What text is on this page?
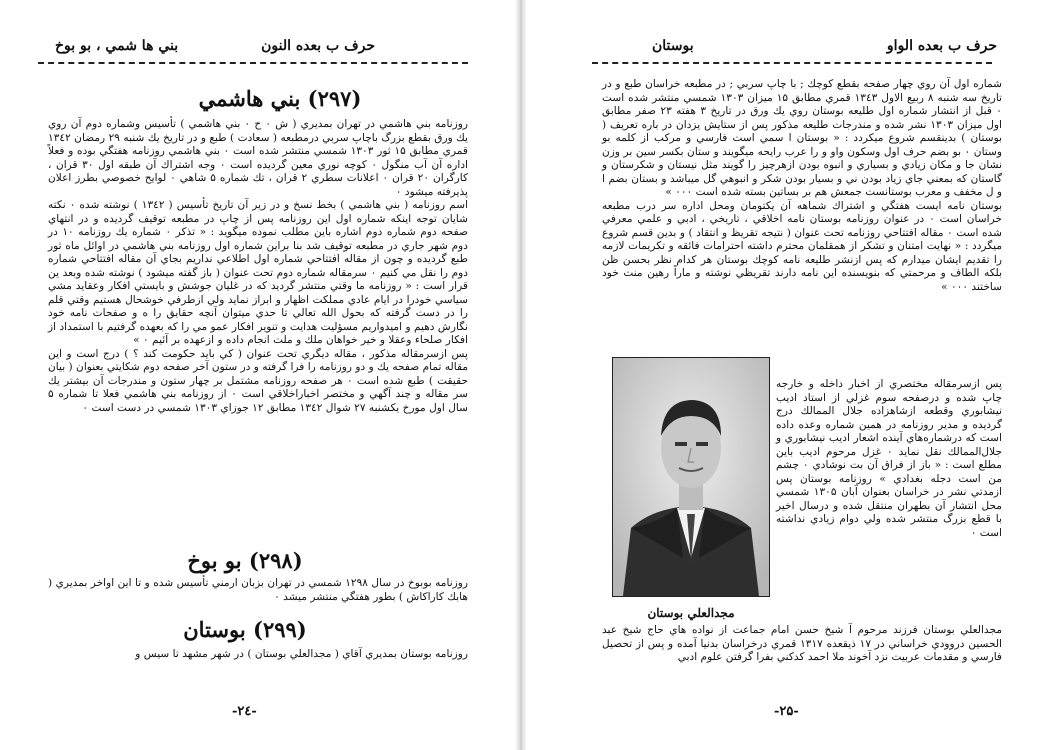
حرف ب بعده النون
بني ها شمي ، بو بوخ
(۲۹۷) بني هاشمي

روزنامه بني هاشمي در تهران بمديري ( ش ٠ ح ٠ بني هاشمي ) تأسيس وشماره دوم آن روي يك ورق بقطع بزرگ باچاپ سربي درمطبعه ( سعادت ) طبع و در تاريخ يك شنبه ۲۹ رمضان ۱۳٤۲ قمري مطابق ۱۵ ثور ۱۳۰۳ شمسي منتشر شده است ٠ بني هاشمي روزنامه هفتگي بوده و فعلاً اداره آن آب منگول ٠ كوچه نوري معين گرديده است ٠ وجه اشتراك آن طبقه اول ۳۰ قران ، كارگران ۲۰ قران ٠ اعلانات سطري ۲ قران ، تك شماره ۵ شاهي ٠ لوايح خصوصي بطرز اعلان پذيرفته ميشود ٠

اسم روزنامه ( بني هاشمي ) بخط نسخ و در زير آن تاريخ تأسيس ( ۱۳٤۲ ) نوشته شده ٠ نكته شايان توجه اينكه شماره اول اين روزنامه پس از چاپ در مطبعه توقيف گرديده و در انتهاي صفحه دوم شماره دوم اشاره باين مطلب نموده ميگويد : « تذكر ٠ شماره يك روزنامه ١٠ در دوم شهر جاري در مطبعه توقيف شد بنا براين شماره اول روزنامه بني هاشمي در اوائل ماه ثور طبع گرديده و چون از مقاله افتتاحي شماره اول اطلاعي نداريم بجاي آن مقاله افتتاحي شماره دوم را نقل مي كنيم ٠ سرمقاله شماره دوم تحت عنوان ( باز گفته ميشود ) نوشته شده وبعد ين قرار است : « روزنامه ما وقتي منتشر گرديد كه در غليان جوشش و بايستي افكار وعقايد مشي سياسي خودرا در ايام عادي مملكت اظهار و ابراز نمايد ولي ازطرفي خوشحال هستيم وقتي قلم را در دست گرفته كه بحول الله تعالي تا حدي ميتوان آنچه حقايق را ه و صفحات نامه خود نگارش دهيم و اميدواريم مسؤليت هدايت و تنوير افكار عمو مي را كه بعهده گرفتيم با استمداد از افكار صلحاء وعقلا و خير خواهان ملك و ملت انجام داده و ازعهده بر آئيم ٠ »

پس ازسرمقاله مذكور ، مقاله ديگري تحت عنوان ( كي بايد حكومت كند ؟ ) درج است و اين مقاله تمام صفحه يك و دو روزنامه را فرا گرفته و در ستون آخر صفحه دوم شكايتي بعنوان ( بيان حقيقت ) طبع شده است ٠ هر صفحه روزنامه مشتمل بر چهار ستون و مندرجات آن بيشتر يك سر مقاله و چند آگهي و مختصر اخباراخلاقي است ٠ از روزنامه بني هاشمي فعلا تا شماره ۵ سال اول مورخ يكشنبه ۲۷ شوال ۱۳٤۲ مطابق ۱۲ جوزاي ۱۳۰۳ شمسي در دست است ٠

(۲۹۸) بو بوخ

روزنامه بوبوخ در سال ۱۲۹۸ شمسي در تهران بزبان ارمني تأسيس شده و تا اين اواخر بمديري ( هابك كاراكاش ) بطور هفتگي منتشر ميشد ٠

(۲۹۹) بوستان

روزنامه بوستان بمديري آقاي ( مجدالعلي بوستان ) در شهر مشهد تا سيس و

-۲٤-
حرف ب بعده الواو
بوستان

شماره اول آن روي چهار صفحه بقطع كوچك ; با چاپ سربي ; در مطبعه خراسان طبع و در تاريخ سه شنبه ۸ ربيع الاول ۱۳٤۳ قمري مطابق ۱۵ ميزان ۱۳۰۳ شمسي منتشر شده است ٠ قبل از انتشار شماره اول طليعه بوستان روي يك ورق در تاريخ ۳ هفته ۲۳ صفر مطابق اول ميزان ۱۳۰۳ نشر شده و مندرجات طليعه مذكور پس از ستايش يزدان در باره تعريف ( بوستان ) بدينقسم شروع ميكردد : « بوستان ا سمي است فارسي و مركب از كلمه بو وستان ٠ بو بضم حرف اول وسكون واو و را عرب رايحه ميگويند و ستان بكسر سين بر وزن نشان جا و مكان زيادي و بسياري و انبوه بودن ازهرچيز را گويند مثل نيستان و شكرستان و گاستان كه بمعني جاي زياد بودن ني و بسيار بودن شكر و انبوهي گل ميباشد و بستان بضم ا و ل مخفف و معرب بوستانست جمعش هم بر بساتين بسته شده است ٠٠٠ »

بوستان نامه ايست هفتگي و اشتراك شماهه آن يكتومان ومحل اداره سر درب مطبعه خراسان است ٠ در عنوان روزنامه بوستان نامه اخلاقي ، تاريخي ، ادبي و علمي معرفي شده است ٠ مقاله افتتاحي روزنامه تحت عنوان ( نتيجه تقريظ و انتقاد ) و بدين قسم شروع ميگردد : « نهايت امتنان و تشكر از همقلمان محترم داشته احترامات فائقه و تكريمات لازمه را تقديم ايشان ميدارم كه پس ازنشر طليعه نامه كوچك بوستان هر كدام نظر بحسن ظن بلكه الطاف و مرحمتي كه بنويسنده اين نامه دارند تقريظي نوشته و ماراً رهين منت خود ساختند ٠٠٠ »

پس ازسرمقاله مختصري از اخبار داخله و خارجه چاپ شده و درصفحه سوم غزلي از استاد اديب نيشابوري وقطعه ازشاهزاده جلال الممالك درج گرديده و مدير روزنامه در همين شماره وعده داده است كه درشماره‌هاي آينده اشعار اديب نيشابوري و جلال‌الممالك نقل نمايد ٠ غزل مرحوم اديب باين مطلع است : « باز از فراق آن بت نوشادي ٠ چشم من است دجله بغدادي » روزنامه بوستان پس ازمدتي نشر در خراسان بعنوان آبان ۱۳۰۵ شمسي محل انتشار آن بطهران منتقل شده و درسال اخير با قطع بزرگ منتشر شده ولي دوام زيادي نداشته است ٠

مجدالعلي بوستان

مجدالعلي بوستان فرزند مرحوم آ شيخ حسن امام جماعت از نواده هاي حاج شيخ عبد الحسين دروودي خراساني در ۱۷ ذيقعده ۱۳۱۷ قمري درخراسان بدنيا آمده و پس از تحصيل فارسي و مقدمات عربيت نزد آخوند ملا احمد كدكني بفرا گرفتن علوم ادبي

-۲۵-
